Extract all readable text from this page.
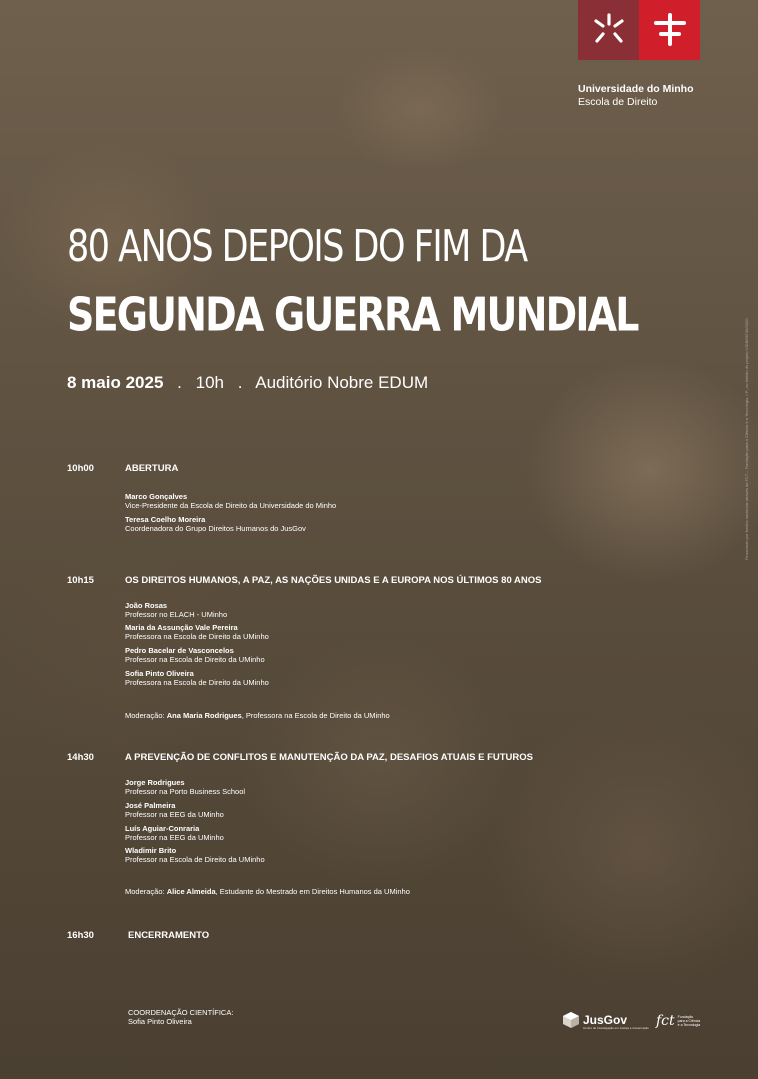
Universidade do Minho
Escola de Direito
80 ANOS DEPOIS DO FIM DA
SEGUNDA GUERRA MUNDIAL
8 maio 2025 . 10h . Auditório Nobre EDUM
10h00	ABERTURA
Marco Gonçalves
Vice-Presidente da Escola de Direito da Universidade do Minho
Teresa Coelho Moreira
Coordenadora do Grupo Direitos Humanos do JusGov
10h15	OS DIREITOS HUMANOS, A PAZ, AS NAÇÕES UNIDAS E A EUROPA NOS ÚLTIMOS 80 ANOS
João Rosas
Professor no ELACH - UMinho
Maria da Assunção Vale Pereira
Professora na Escola de Direito da UMinho
Pedro Bacelar de Vasconcelos
Professor na Escola de Direito da UMinho
Sofia Pinto Oliveira
Professora na Escola de Direito da UMinho
Moderação: Ana Maria Rodrigues, Professora na Escola de Direito da UMinho
14h30	A PREVENÇÃO DE CONFLITOS E MANUTENÇÃO DA PAZ, DESAFIOS ATUAIS E FUTUROS
Jorge Rodrigues
Professor na Porto Business School
José Palmeira
Professor na EEG da UMinho
Luís Aguiar-Conraria
Professor na EEG da UMinho
Wladimir Brito
Professor na Escola de Direito da UMinho
Moderação: Alice Almeida, Estudante do Mestrado em Direitos Humanos da UMinho
16h30	ENCERRAMENTO
COORDENAÇÃO CIENTÍFICA:
Sofia Pinto Oliveira	JusGov
Centro de Investigação em Justiça e Governação fct Fundação
para a Ciência
e a Tecnologia
Financiado por fundos nacionais através da FCT – Fundação para a Ciência e a Tecnologia, I.P., no âmbito do projeto UIDB/05749/2020
